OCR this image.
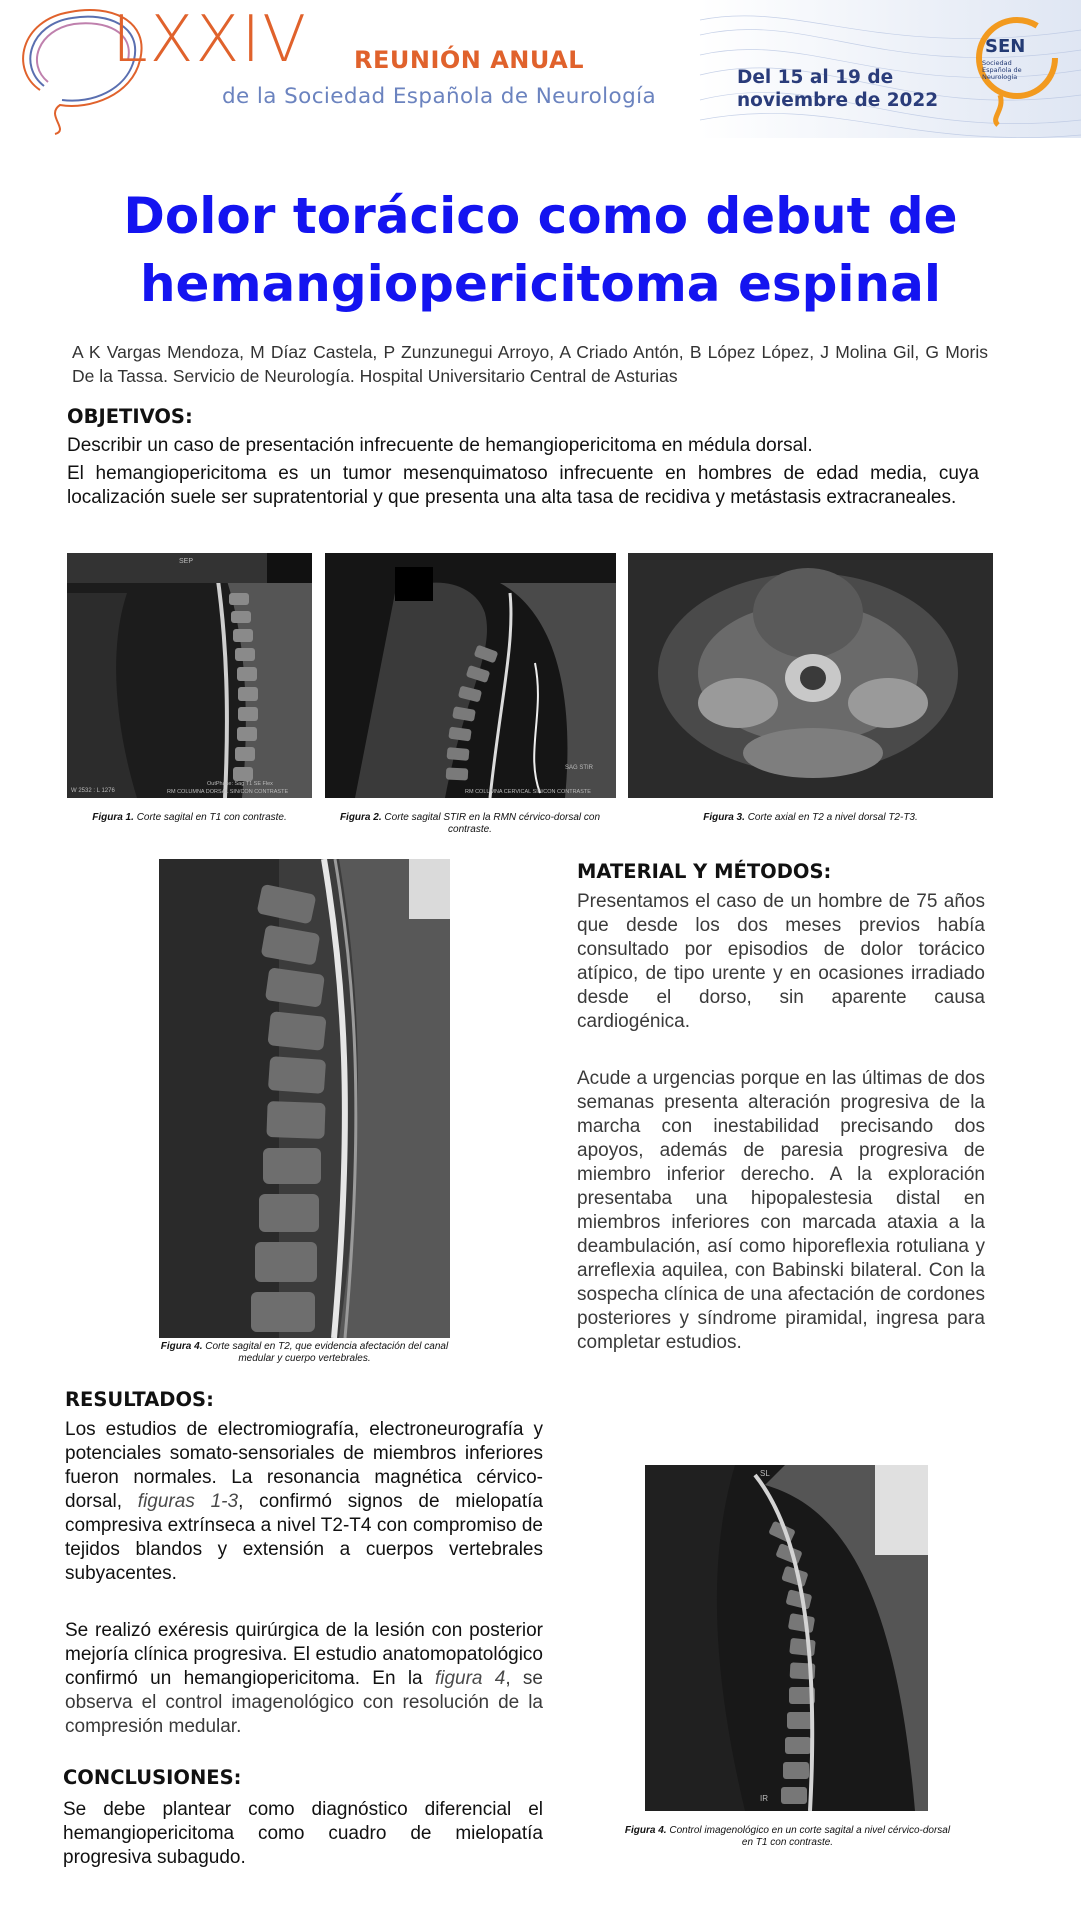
LXXIV REUNIÓN ANUAL
de la Sociedad Española de Neurología
Del 15 al 19 de
noviembre de 2022
SEN
Sociedad Española de Neurología
Dolor torácico como debut de
hemangiopericitoma espinal
A K Vargas Mendoza, M Díaz Castela, P Zunzunegui Arroyo, A Criado Antón, B López López, J Molina Gil, G Moris De la Tassa. Servicio de Neurología. Hospital Universitario Central de Asturias
OBJETIVOS:

Describir un caso de presentación infrecuente de hemangiopericitoma en médula dorsal.

El hemangiopericitoma es un tumor mesenquimatoso infrecuente en hombres de edad media, cuya localización suele ser supratentorial y que presenta una alta tasa de recidiva y metástasis extracraneales.

SEP
W 2532 : L 1276
OutPhase: Sag T1 SE Flex
RM COLUMNA DORSAL SIN/CON CONTRASTE
Figura 1. Corte sagital en T1 con contraste.
SAG STIR
RM COLUMNA CERVICAL SIN/CON CONTRASTE
Figura 2. Corte sagital STIR en la RMN cérvico-dorsal con contraste.
Figura 3. Corte axial en T2 a nivel dorsal T2-T3.
Figura 4. Corte sagital en T2, que evidencia afectación del canal medular y cuerpo vertebrales.
MATERIAL Y MÉTODOS:

Presentamos el caso de un hombre de 75 años que desde los dos meses previos había consultado por episodios de dolor torácico atípico, de tipo urente y en ocasiones irradiado desde el dorso, sin aparente causa cardiogénica.

Acude a urgencias porque en las últimas de dos semanas presenta alteración progresiva de la marcha con inestabilidad precisando dos apoyos, además de paresia progresiva de miembro inferior derecho. A la exploración presentaba una hipopalestesia distal en miembros inferiores con marcada ataxia a la deambulación, así como hiporeflexia rotuliana y arreflexia aquilea, con Babinski bilateral. Con la sospecha clínica de una afectación de cordones posteriores y síndrome piramidal, ingresa para completar estudios.

RESULTADOS:

Los estudios de electromiografía, electroneurografía y potenciales somato-sensoriales de miembros inferiores fueron normales. La resonancia magnética cérvico-dorsal, figuras 1-3, confirmó signos de mielopatía compresiva extrínseca a nivel T2-T4 con compromiso de tejidos blandos y extensión a cuerpos vertebrales subyacentes.

Se realizó exéresis quirúrgica de la lesión con posterior mejoría clínica progresiva. El estudio anatomopatológico confirmó un hemangiopericitoma. En la figura 4, se observa el control imagenológico con resolución de la compresión medular.

CONCLUSIONES:

Se debe plantear como diagnóstico diferencial el hemangiopericitoma como cuadro de mielopatía progresiva subagudo.

SL
IR
Figura 4. Control imagenológico en un corte sagital a nivel cérvico-dorsal en T1 con contraste.
